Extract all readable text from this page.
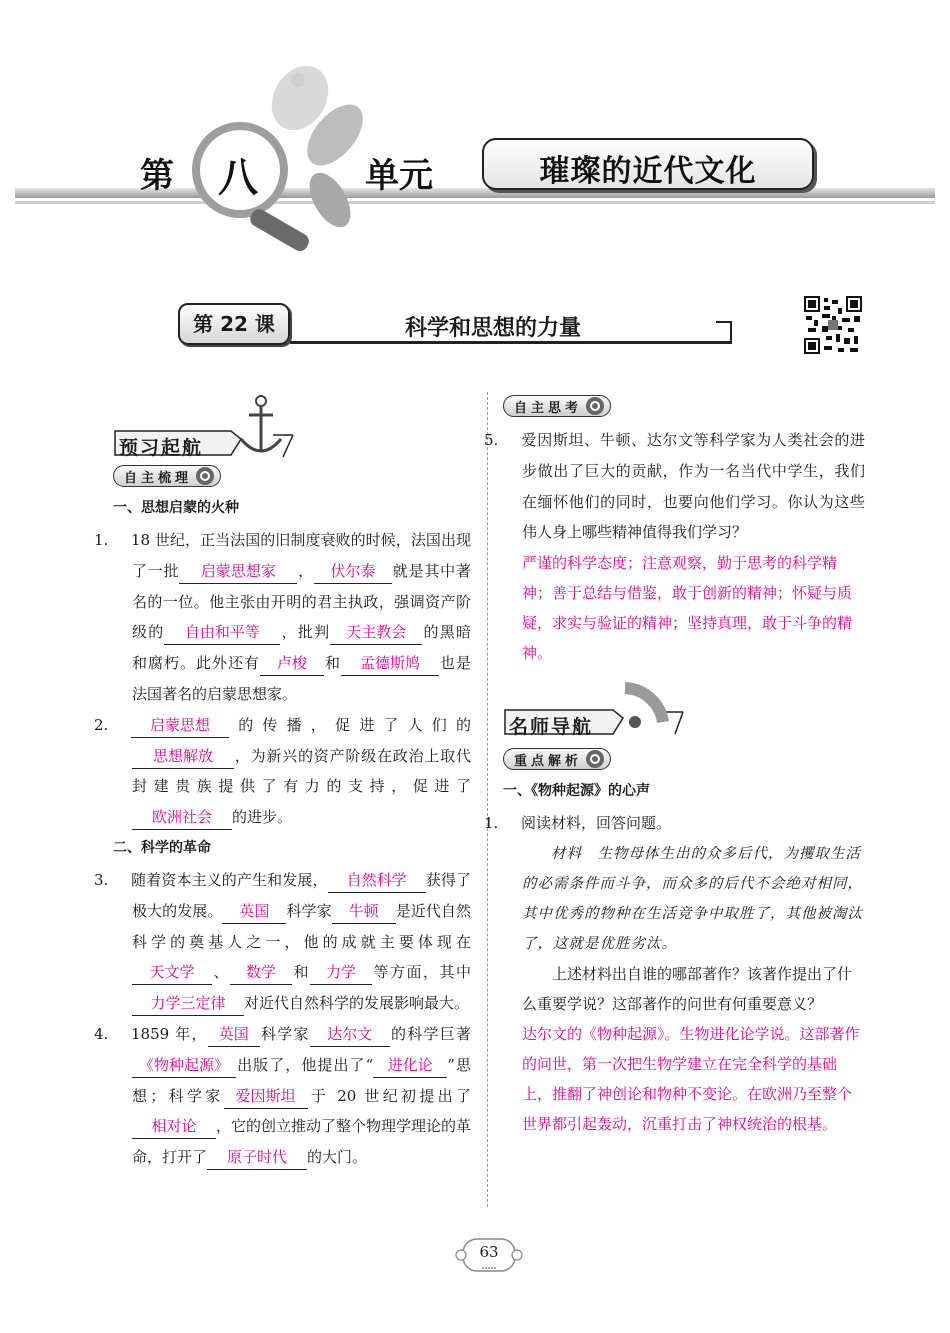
第 八	单元	璀璨的近代文化
第 22 课	科学和思想的力量
预习起航
自主梳理
一、思想启蒙的火种
1. 18 世纪，正当法国的旧制度衰败的时候，法国出现了一批 启蒙思想家 ， 伏尔泰 就是其中著名的一位。他主张由开明的君主执政，强调资产阶级的 自由和平等 ，批判 天主教会 的黑暗和腐朽。此外还有 卢梭 和 孟德斯鸠 也是法国著名的启蒙思想家。
2.	启蒙思想 的传播，促进了人们的思想解放 ，为新兴的资产阶级在政治上取代封建贵族提供了有力的支持，促进了欧洲社会 的进步。
二、科学的革命
3. 随着资本主义的产生和发展， 自然科学 获得了极大的发展。 英国 科学家 牛顿 是近代自然科学的奠基人之一，他的成就主要体现在天文学 、 数学 和 力学 等方面，其中力学三定律 对近代自然科学的发展影响最大。
4. 1859 年， 英国 科学家 达尔文 的科学巨著《物种起源》 出版了，他提出了“ 进化论 ”思想；科学家 爱因斯坦 于 20 世纪初提出了相对论 ，它的创立推动了整个物理学理论的革命，打开了 原子时代 的大门。
自主思考
5. 爱因斯坦、牛顿、达尔文等科学家为人类社会的进步做出了巨大的贡献，作为一名当代中学生，我们在缅怀他们的同时，也要向他们学习。你认为这些伟人身上哪些精神值得我们学习？
严谨的科学态度；注意观察，勤于思考的科学精神；善于总结与借鉴，敢于创新的精神；怀疑与质疑，求实与验证的精神；坚持真理，敢于斗争的精神。
名师导航
重点解析
一、《物种起源》的心声
1. 阅读材料，回答问题。
材料　生物母体生出的众多后代，为攫取生活的必需条件而斗争，而众多的后代不会绝对相同，其中优秀的物种在生活竞争中取胜了，其他被淘汰了，这就是优胜劣汰。
上述材料出自谁的哪部著作？该著作提出了什么重要学说？这部著作的问世有何重要意义？
达尔文的《物种起源》。生物进化论学说。这部著作的问世，第一次把生物学建立在完全科学的基础上，推翻了神创论和物种不变论。在欧洲乃至整个世界都引起轰动，沉重打击了神权统治的根基。
63
